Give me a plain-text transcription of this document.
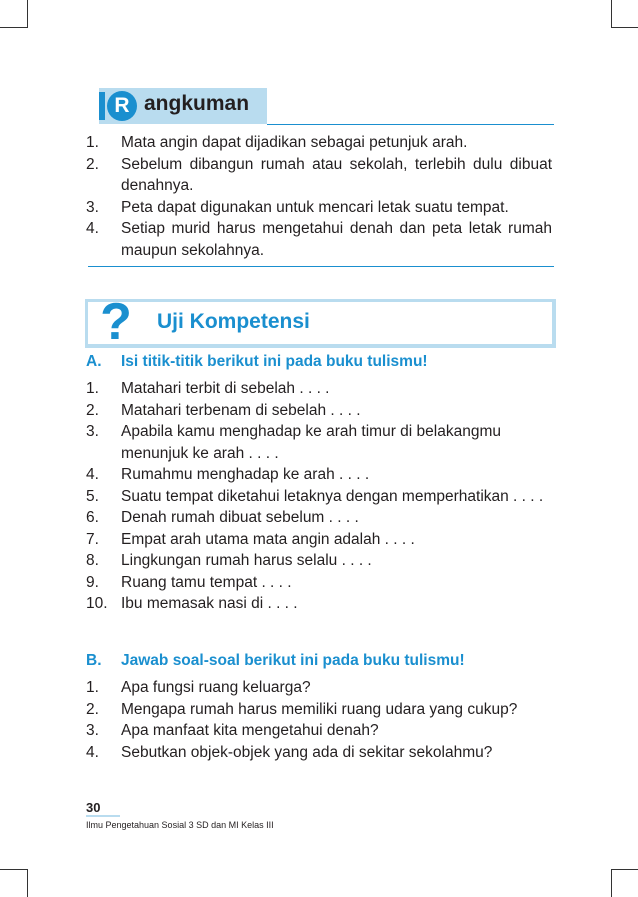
R angkuman
1. Mata angin dapat dijadikan sebagai petunjuk arah.
2. Sebelum dibangun rumah atau sekolah, terlebih dulu dibuat denahnya.
3. Peta dapat digunakan untuk mencari letak suatu tempat.
4. Setiap murid harus mengetahui denah dan peta letak rumah maupun sekolahnya.
? Uji Kompetensi
A. Isi titik-titik berikut ini pada buku tulismu!
1. Matahari terbit di sebelah . . . .
2. Matahari terbenam di sebelah . . . .
3. Apabila kamu menghadap ke arah timur di belakangmu menunjuk ke arah . . . .
4. Rumahmu menghadap ke arah . . . .
5. Suatu tempat diketahui letaknya dengan memperhatikan . . . .
6. Denah rumah dibuat sebelum . . . .
7. Empat arah utama mata angin adalah . . . .
8. Lingkungan rumah harus selalu . . . .
9. Ruang tamu tempat . . . .
10. Ibu memasak nasi di . . . .
B. Jawab soal-soal berikut ini pada buku tulismu!
1. Apa fungsi ruang keluarga?
2. Mengapa rumah harus memiliki ruang udara yang cukup?
3. Apa manfaat kita mengetahui denah?
4. Sebutkan objek-objek yang ada di sekitar sekolahmu?
30
Ilmu Pengetahuan Sosial 3 SD dan MI Kelas III
